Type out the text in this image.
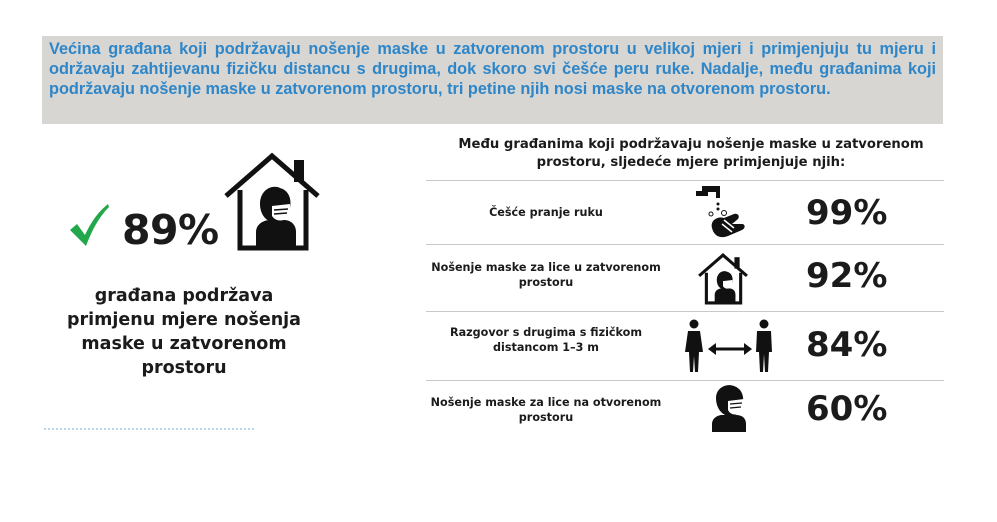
Većina građana koji podržavaju nošenje maske u zatvorenom prostoru u velikoj mjeri i primjenjuju tu mjeru i održavaju zahtijevanu fizičku distancu s drugima, dok skoro svi češće peru ruke. Nadalje, među građanima koji podržavaju nošenje maske u zatvorenom prostoru, tri petine njih nosi maske na otvorenom prostoru.

89%
građana podržava primjenu mjere nošenja maske u zatvorenom prostoru
Među građanima koji podržavaju nošenje maske u zatvorenom prostoru, sljedeće mjere primjenjuje njih:
Češće pranje ruku	99%
Nošenje maske za lice u zatvorenom prostoru	92%
Razgovor s drugima s fizičkom distancom 1–3 m	84%
Nošenje maske za lice na otvorenom prostoru	60%
